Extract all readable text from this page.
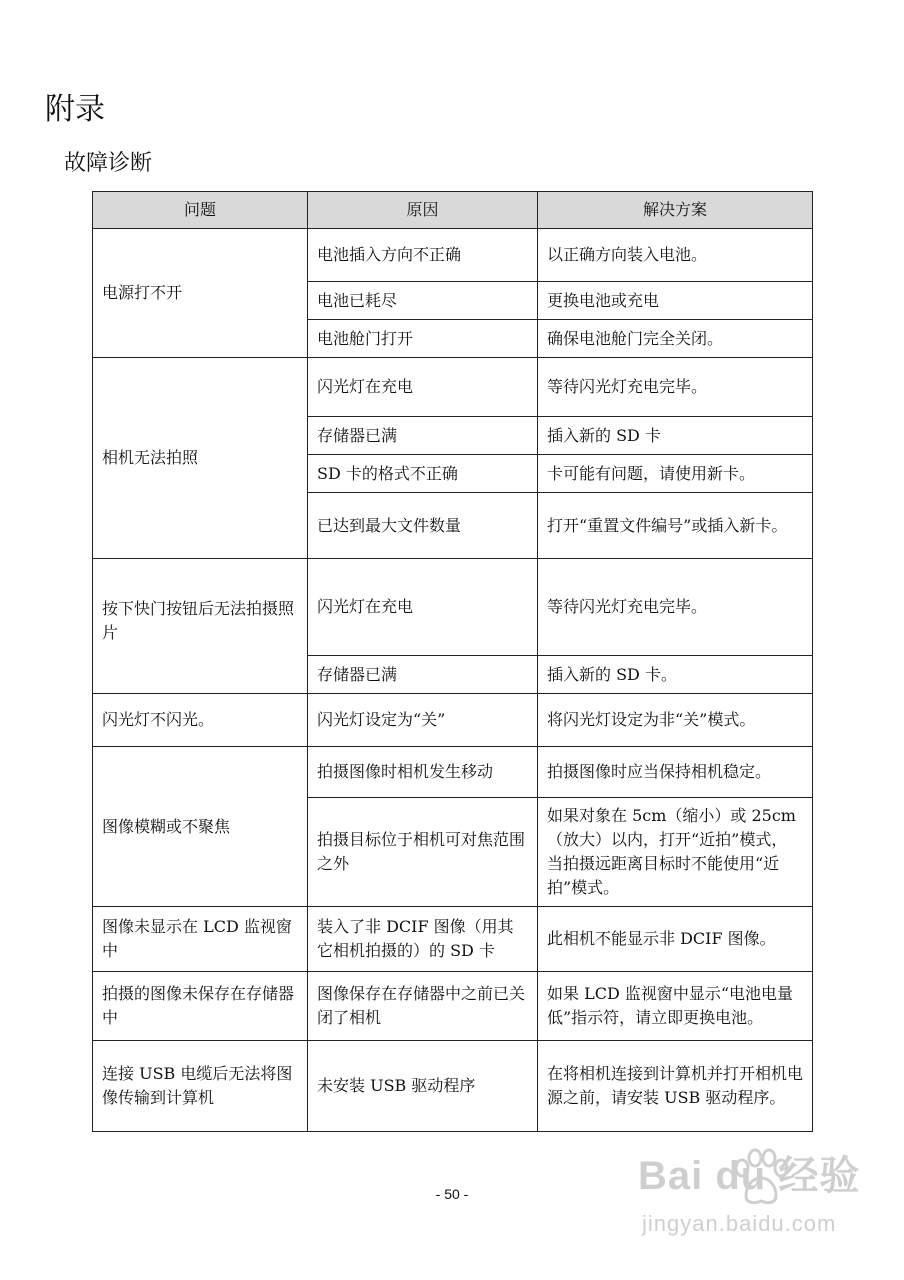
附录
故障诊断
问题	原因	解决方案
电源打不开	电池插入方向不正确	以正确方向装入电池。
	电池已耗尽	更换电池或充电
	电池舱门打开	确保电池舱门完全关闭。
相机无法拍照	闪光灯在充电	等待闪光灯充电完毕。
	存储器已满	插入新的 SD 卡
	SD 卡的格式不正确	卡可能有问题，请使用新卡。
	已达到最大文件数量	打开“重置文件编号”或插入新卡。

按下快门按钮后无法拍摄照片	闪光灯在充电	等待闪光灯充电完毕。
	存储器已满	插入新的 SD 卡。
闪光灯不闪光。	闪光灯设定为“关”	将闪光灯设定为非“关”模式。
图像模糊或不聚焦	拍摄图像时相机发生移动	拍摄图像时应当保持相机稳定。
	拍摄目标位于相机可对焦范围之外	如果对象在 5cm（缩小）或 25cm（放大）以内，打开“近拍”模式，当拍摄远距离目标时不能使用“近拍”模式。
图像未显示在 LCD 监视窗中	装入了非 DCIF 图像（用其它相机拍摄的）的 SD 卡	此相机不能显示非 DCIF 图像。
拍摄的图像未保存在存储器中	图像保存在存储器中之前已关闭了相机	如果 LCD 监视窗中显示“电池电量低”指示符，请立即更换电池。
连接 USB 电缆后无法将图像传输到计算机	未安装 USB 驱动程序	在将相机连接到计算机并打开相机电源之前，请安装 USB 驱动程序。
- 50 -	Bai du 经验
jingyan.baidu.com
